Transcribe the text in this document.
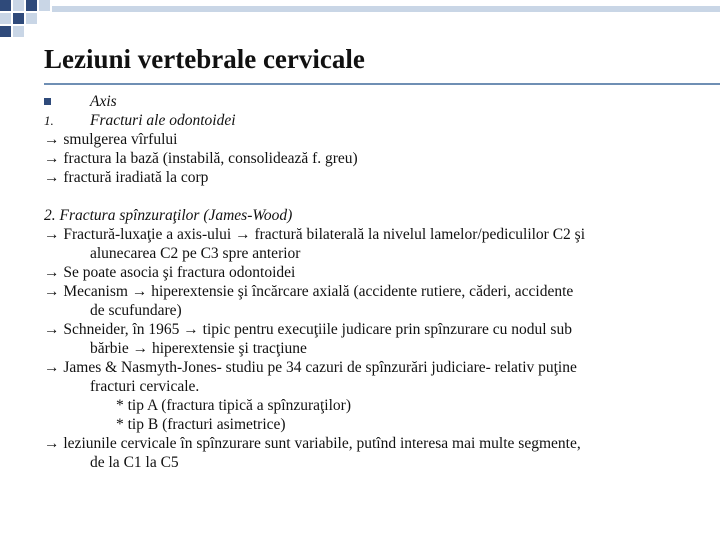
Leziuni vertebrale cervicale
Axis
1. Fracturi ale odontoidei
→ smulgerea vîrfului
→ fractura la bază (instabilă, consolidează f. greu)
→ fractură iradiată la corp
2. Fractura spînzuraţilor (James-Wood)
→ Fractură-luxaţie a axis-ului → fractură bilaterală la nivelul lamelor/pediculilor C2 şi
alunecarea C2 pe C3 spre anterior
→ Se poate asocia şi fractura odontoidei
→ Mecanism → hiperextensie şi încărcare axială (accidente rutiere, căderi, accidente
de scufundare)
→ Schneider, în 1965 → tipic pentru execuţiile judicare prin spînzurare cu nodul sub
bărbie → hiperextensie şi tracţiune
→ James & Nasmyth-Jones- studiu pe 34 cazuri de spînzurări judiciare- relativ puţine
fracturi cervicale.
* tip A (fractura tipică a spînzuraţilor)
* tip B (fracturi asimetrice)
→ leziunile cervicale în spînzurare sunt variabile, putînd interesa mai multe segmente,
de la C1 la C5
